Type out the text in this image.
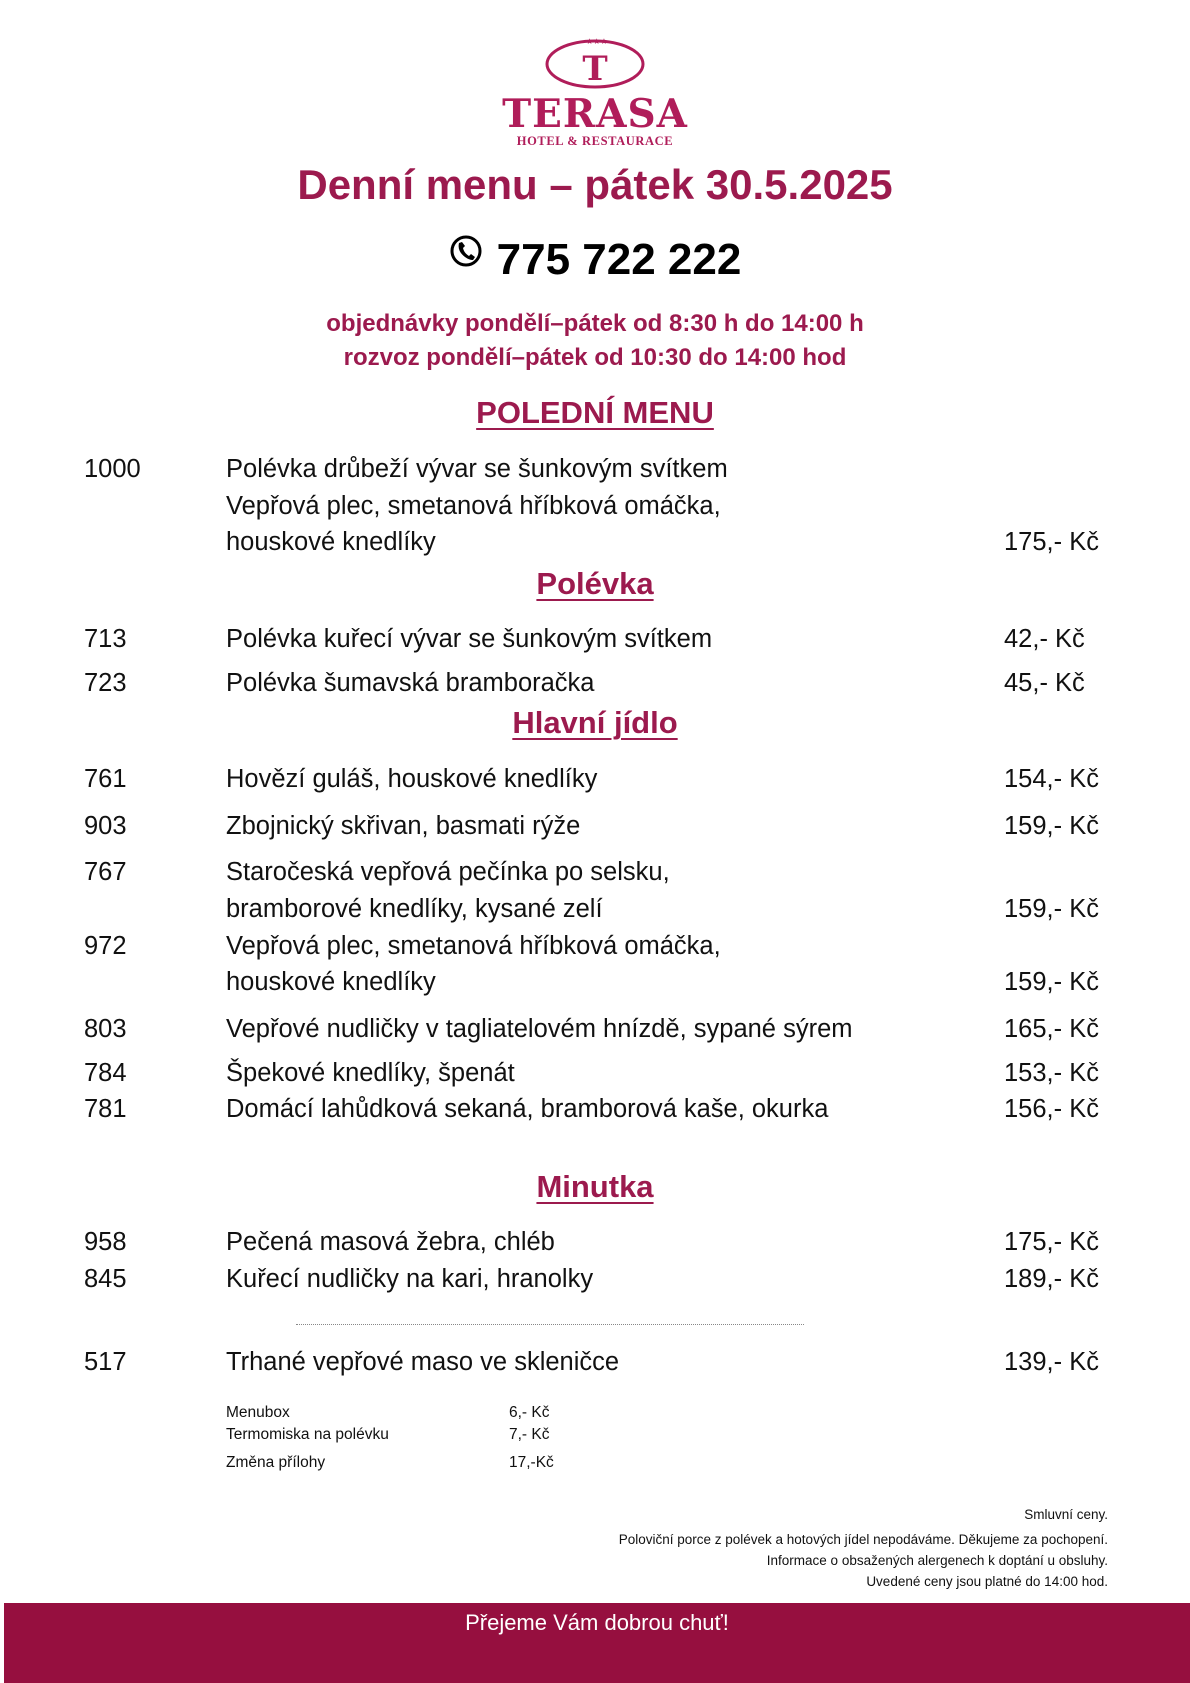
★★★
T
TERASA
HOTEL & RESTAURACE
Denní menu – pátek 30.5.2025
775 722 222
objednávky pondělí–pátek od 8:30 h do 14:00 h
rozvoz pondělí–pátek od 10:30 do 14:00 hod
POLEDNÍ MENU
1000	Polévka drůbeží vývar se šunkovým svítkem
Vepřová plec, smetanová hříbková omáčka,
houskové knedlíky	175,- Kč
Polévka
713	Polévka kuřecí vývar se šunkovým svítkem	42,- Kč
723	Polévka šumavská bramboračka	45,- Kč
Hlavní jídlo
761	Hovězí guláš, houskové knedlíky	154,- Kč
903	Zbojnický skřivan, basmati rýže	159,- Kč
767	Staročeská vepřová pečínka po selsku,
bramborové knedlíky, kysané zelí	159,- Kč
972	Vepřová plec, smetanová hříbková omáčka,
houskové knedlíky	159,- Kč
803	Vepřové nudličky v tagliatelovém hnízdě, sypané sýrem	165,- Kč
784	Špekové knedlíky, špenát	153,- Kč
781	Domácí lahůdková sekaná, bramborová kaše, okurka	156,- Kč
Minutka
958	Pečená masová žebra, chléb	175,- Kč
845	Kuřecí nudličky na kari, hranolky	189,- Kč
517	Trhané vepřové maso ve skleničce	139,- Kč
Menubox	6,- Kč
Termomiska na polévku	7,- Kč
Změna přílohy	17,-Kč
Smluvní ceny.
Poloviční porce z polévek a hotových jídel nepodáváme. Děkujeme za pochopení.
Informace o obsažených alergenech k doptání u obsluhy.
Uvedené ceny jsou platné do 14:00 hod.
Přejeme Vám dobrou chuť!
